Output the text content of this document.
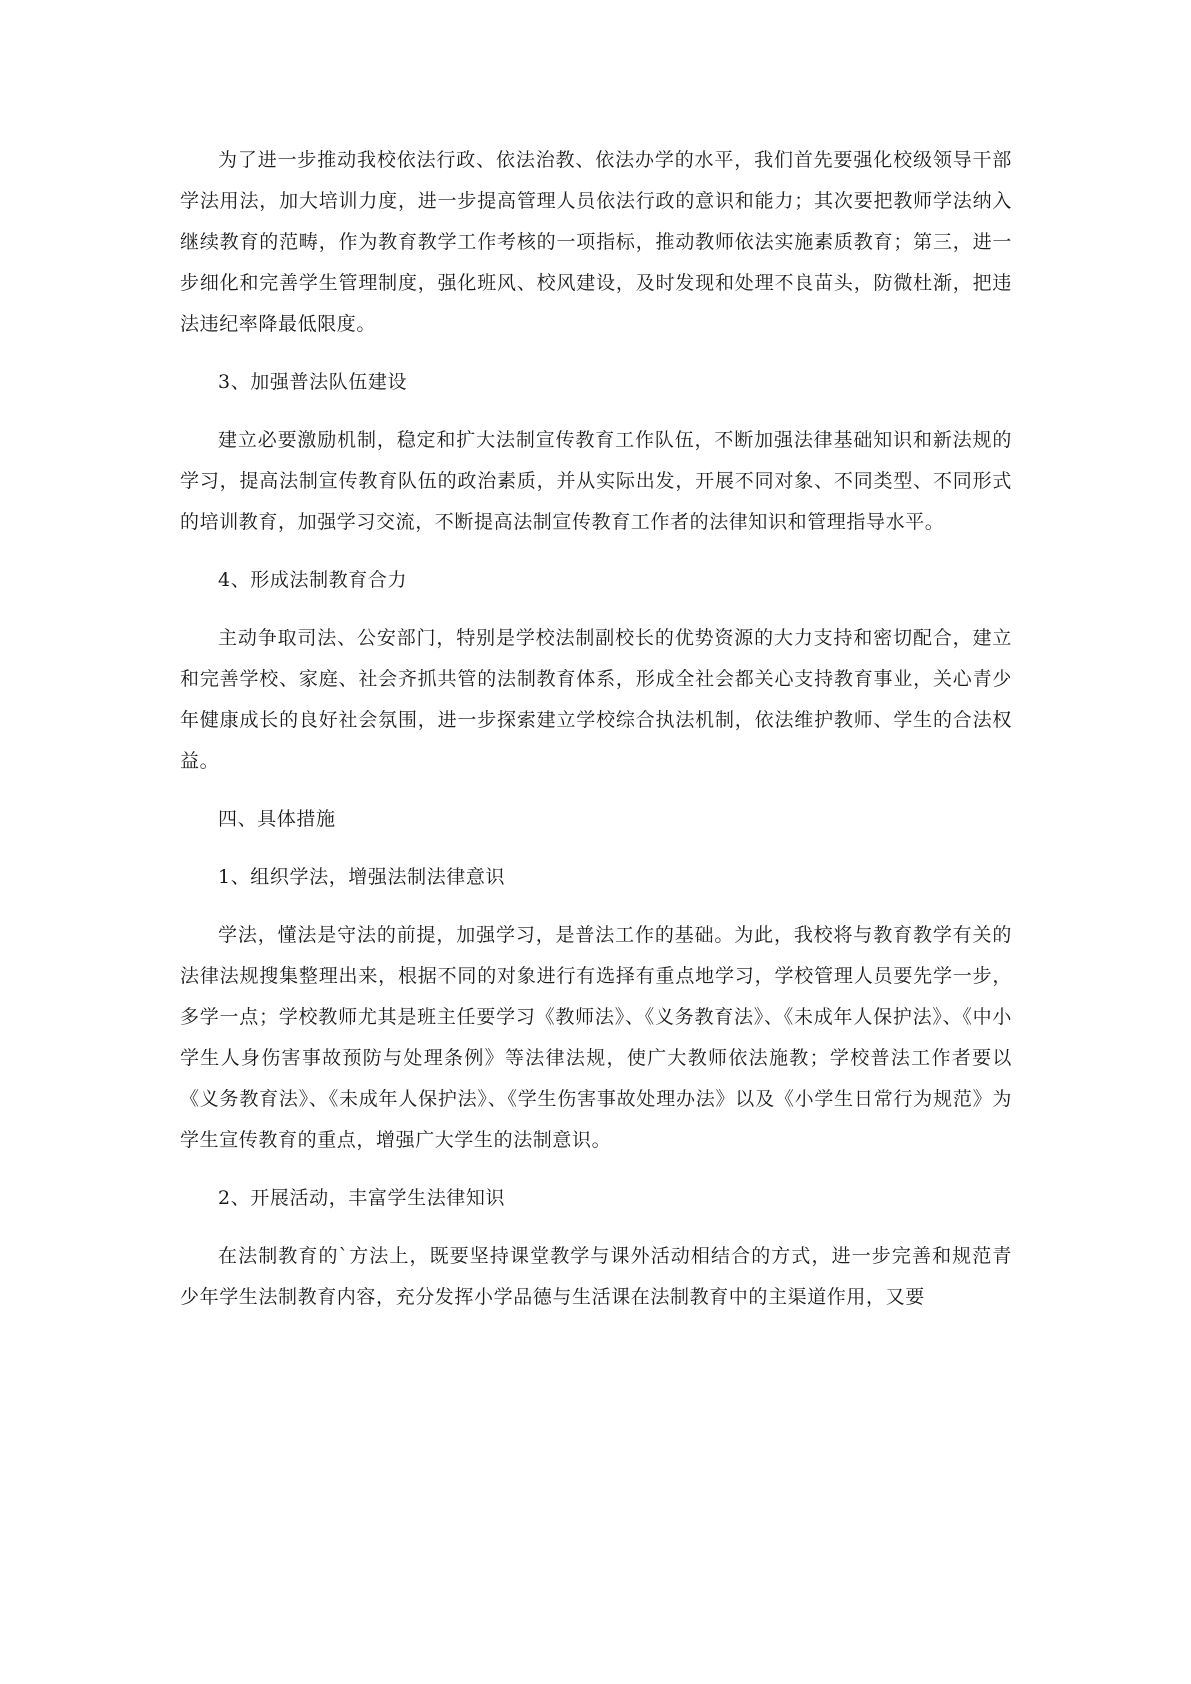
为了进一步推动我校依法行政、依法治教、依法办学的水平，我们首先要强化校级领导干部学法用法，加大培训力度，进一步提高管理人员依法行政的意识和能力；其次要把教师学法纳入继续教育的范畴，作为教育教学工作考核的一项指标，推动教师依法实施素质教育；第三，进一步细化和完善学生管理制度，强化班风、校风建设，及时发现和处理不良苗头，防微杜渐，把违法违纪率降最低限度。

3、加强普法队伍建设

建立必要激励机制，稳定和扩大法制宣传教育工作队伍，不断加强法律基础知识和新法规的学习，提高法制宣传教育队伍的政治素质，并从实际出发，开展不同对象、不同类型、不同形式的培训教育，加强学习交流，不断提高法制宣传教育工作者的法律知识和管理指导水平。

4、形成法制教育合力

主动争取司法、公安部门，特别是学校法制副校长的优势资源的大力支持和密切配合，建立和完善学校、家庭、社会齐抓共管的法制教育体系，形成全社会都关心支持教育事业，关心青少年健康成长的良好社会氛围，进一步探索建立学校综合执法机制，依法维护教师、学生的合法权益。

四、具体措施

1、组织学法，增强法制法律意识

学法，懂法是守法的前提，加强学习，是普法工作的基础。为此，我校将与教育教学有关的法律法规搜集整理出来，根据不同的对象进行有选择有重点地学习，学校管理人员要先学一步，多学一点；学校教师尤其是班主任要学习《教师法》、《义务教育法》、《未成年人保护法》、《中小学生人身伤害事故预防与处理条例》等法律法规，使广大教师依法施教；学校普法工作者要以《义务教育法》、《未成年人保护法》、《学生伤害事故处理办法》以及《小学生日常行为规范》为学生宣传教育的重点，增强广大学生的法制意识。

2、开展活动，丰富学生法律知识

在法制教育的`方法上，既要坚持课堂教学与课外活动相结合的方式，进一步完善和规范青少年学生法制教育内容，充分发挥小学品德与生活课在法制教育中的主渠道作用，又要
